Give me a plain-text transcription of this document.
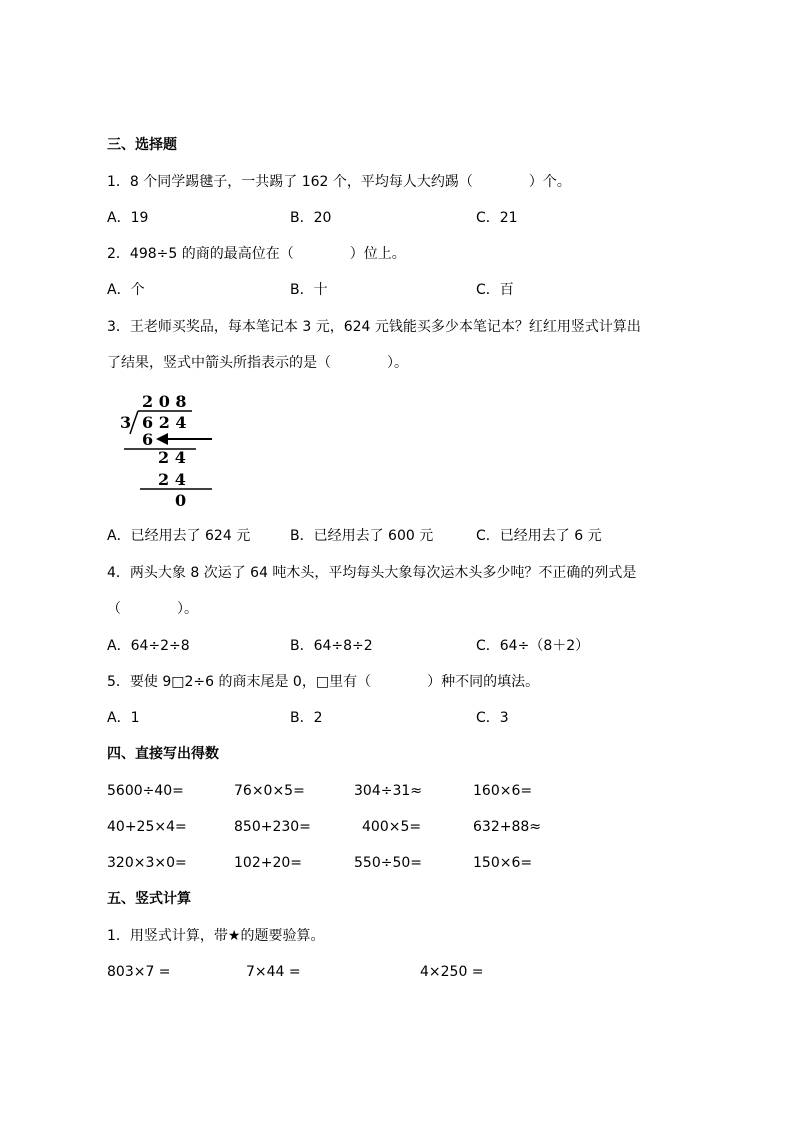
三、选择题
1．8 个同学踢毽子，一共踢了 162 个，平均每人大约踢（　　　　）个。
A．19	B．20	C．21
2．498÷5 的商的最高位在（　　　　）位上。
A．个	B．十	C．百
3．王老师买奖品，每本笔记本 3 元，624 元钱能买多少本笔记本？红红用竖式计算出
了结果，竖式中箭头所指表示的是（　　　　）。
2 0 8
3 6 2 4
6
2 4
2 4
0
A．已经用去了 624 元	B．已经用去了 600 元	C．已经用去了 6 元
4．两头大象 8 次运了 64 吨木头，平均每头大象每次运木头多少吨？不正确的列式是
（　　　　）。
A．64÷2÷8	B．64÷8÷2	C．64÷（8＋2）
5．要使 9□2÷6 的商末尾是 0，□里有（　　　　）种不同的填法。
A．1	B．2	C．3
四、直接写出得数
5600÷40=	76×0×5=	304÷31≈	160×6=
40+25×4=	850+230=	400×5=	632+88≈
320×3×0=	102+20=	550÷50=	150×6=
五、竖式计算
1．用竖式计算，带★的题要验算。
803×7 =	7×44 =	4×250 =
